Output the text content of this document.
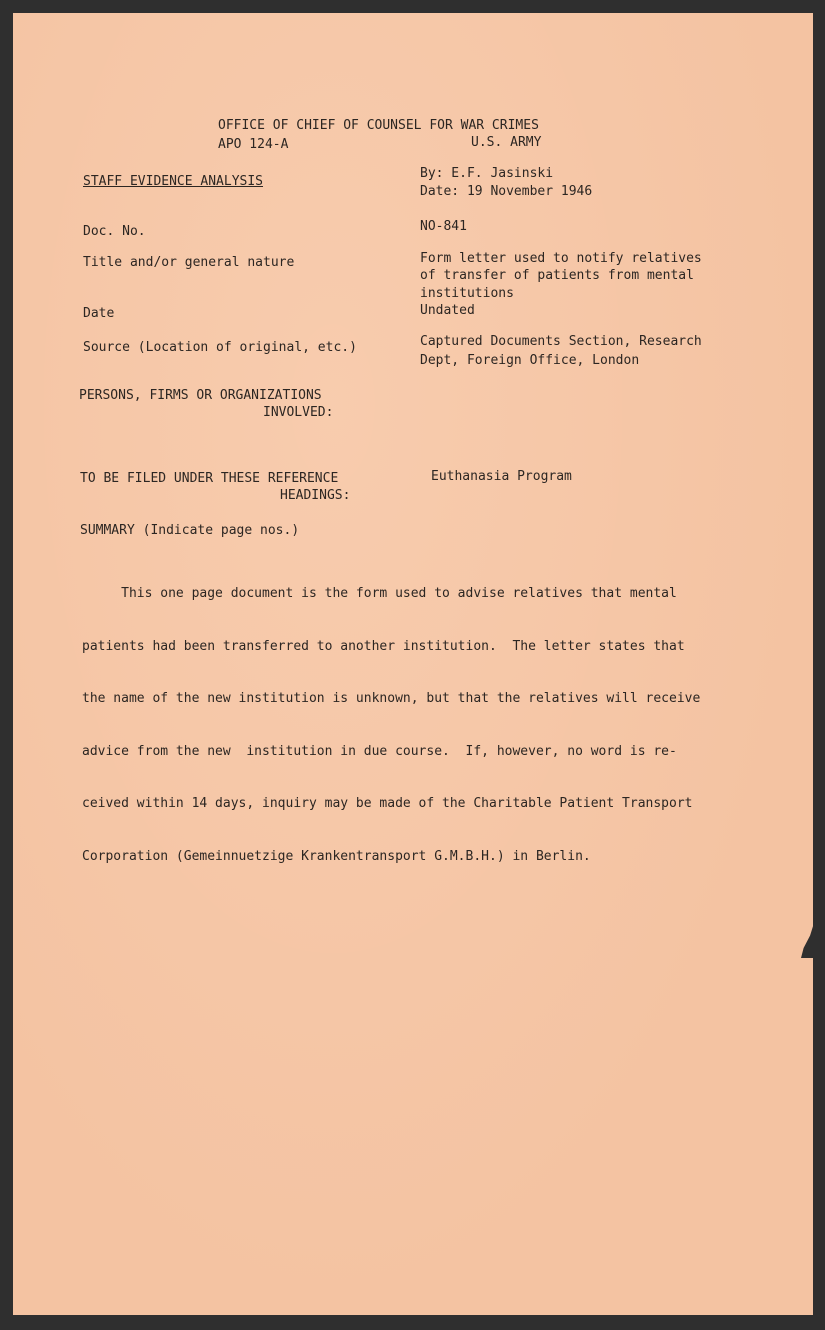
OFFICE OF CHIEF OF COUNSEL FOR WAR CRIMES
APO 124-A	U.S. ARMY
STAFF EVIDENCE ANALYSIS
By: E.F. Jasinski
Date: 19 November 1946
Doc. No.	NO-841
Title and/or general nature	Form letter used to notify relatives
of transfer of patients from mental
institutions
Date	Undated
Source (Location of original, etc.)	Captured Documents Section, Research
Dept, Foreign Office, London
PERSONS, FIRMS OR ORGANIZATIONS
INVOLVED:
TO BE FILED UNDER THESE REFERENCE
HEADINGS:
Euthanasia Program
SUMMARY (Indicate page nos.)

This one page document is the form used to advise relatives that mental

patients had been transferred to another institution.  The letter states that

the name of the new institution is unknown, but that the relatives will receive

advice from the new  institution in due course.  If, however, no word is re-

ceived within 14 days, inquiry may be made of the Charitable Patient Transport

Corporation (Gemeinnuetzige Krankentransport G.M.B.H.) in Berlin.
